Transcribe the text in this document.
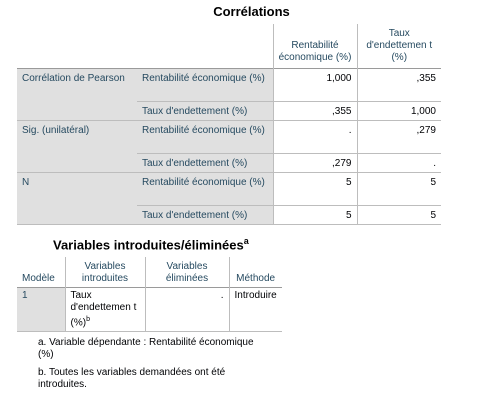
Corrélations
		Rentabilité économique (%)	Taux d'endettemen t (%)
Corrélation de Pearson	Rentabilité économique (%)	1,000	,355
	Taux d'endettement (%)	,355	1,000
Sig. (unilatéral)	Rentabilité économique (%)	.	,279
	Taux d'endettement (%)	,279	.
N	Rentabilité économique (%)	5	5
	Taux d'endettement (%)	5	5
Variables introduites/éliminées$^a$
Modèle	Variables introduites	Variables éliminées	Méthode
1	Taux d'endettemen t (%)$^b$	.	Introduire
a. Variable dépendante : Rentabilité économique (%)
b. Toutes les variables demandées ont été introduites.
